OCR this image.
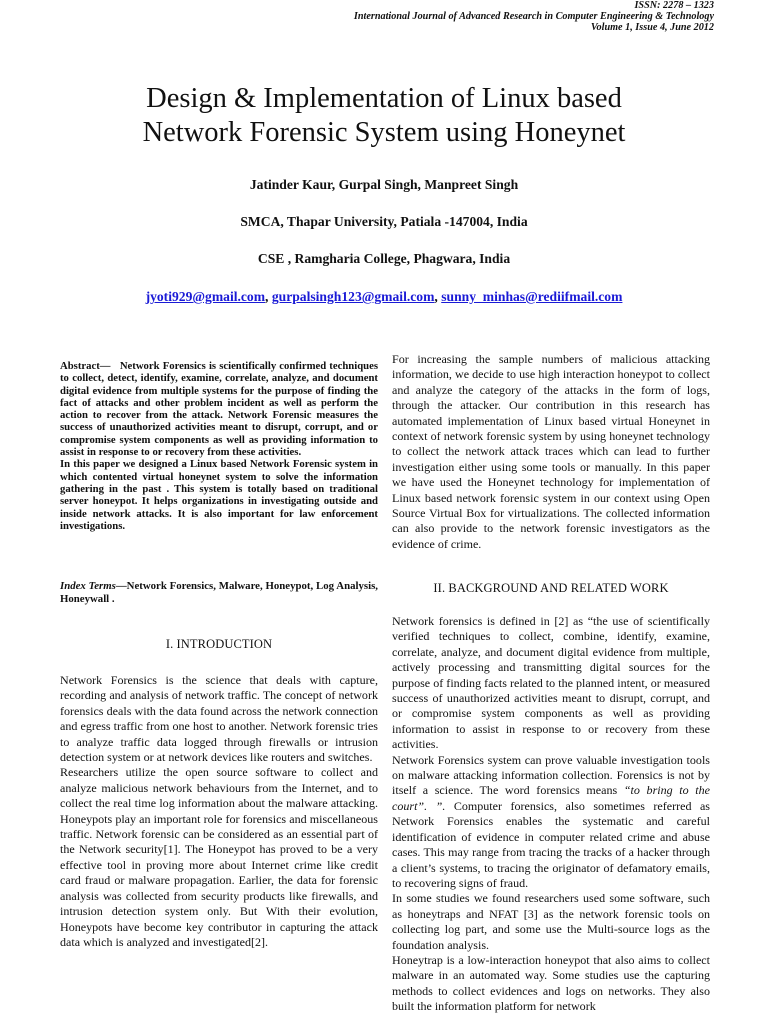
ISSN: 2278 – 1323
International Journal of Advanced Research in Computer Engineering & Technology
Volume 1, Issue 4, June 2012
Design & Implementation of Linux based
Network Forensic System using Honeynet
Jatinder Kaur, Gurpal Singh, Manpreet Singh
SMCA, Thapar University, Patiala -147004, India
CSE , Ramgharia College, Phagwara, India
jyoti929@gmail.com, gurpalsingh123@gmail.com, sunny_minhas@rediifmail.com

Abstract— Network Forensics is scientifically confirmed techniques to collect, detect, identify, examine, correlate, analyze, and document digital evidence from multiple systems for the purpose of finding the fact of attacks and other problem incident as well as perform the action to recover from the attack. Network Forensic measures the success of unauthorized activities meant to disrupt, corrupt, and or compromise system components as well as providing information to assist in response to or recovery from these activities.

In this paper we designed a Linux based Network Forensic system in which contented virtual honeynet system to solve the information gathering in the past . This system is totally based on traditional server honeypot. It helps organizations in investigating outside and inside network attacks. It is also important for law enforcement investigations.

Index Terms—Network Forensics, Malware, Honeypot, Log Analysis, Honeywall .
I. INTRODUCTION

Network Forensics is the science that deals with capture, recording and analysis of network traffic. The concept of network forensics deals with the data found across the network connection and egress traffic from one host to another. Network forensic tries to analyze traffic data logged through firewalls or intrusion detection system or at network devices like routers and switches.

Researchers utilize the open source software to collect and analyze malicious network behaviours from the Internet, and to collect the real time log information about the malware attacking. Honeypots play an important role for forensics and miscellaneous traffic. Network forensic can be considered as an essential part of the Network security[1]. The Honeypot has proved to be a very effective tool in proving more about Internet crime like credit card fraud or malware propagation. Earlier, the data for forensic analysis was collected from security products like firewalls, and intrusion detection system only. But With their evolution, Honeypots have become key contributor in capturing the attack data which is analyzed and investigated[2].

For increasing the sample numbers of malicious attacking information, we decide to use high interaction honeypot to collect and analyze the category of the attacks in the form of logs, through the attacker. Our contribution in this research has automated implementation of Linux based virtual Honeynet in context of network forensic system by using honeynet technology to collect the network attack traces which can lead to further investigation either using some tools or manually. In this paper we have used the Honeynet technology for implementation of Linux based network forensic system in our context using Open Source Virtual Box for virtualizations. The collected information can also provide to the network forensic investigators as the evidence of crime.

II. BACKGROUND AND RELATED WORK

Network forensics is defined in [2] as “the use of scientifically verified techniques to collect, combine, identify, examine, correlate, analyze, and document digital evidence from multiple, actively processing and transmitting digital sources for the purpose of finding facts related to the planned intent, or measured success of unauthorized activities meant to disrupt, corrupt, and or compromise system components as well as providing information to assist in response to or recovery from these activities.

Network Forensics system can prove valuable investigation tools on malware attacking information collection. Forensics is not by itself a science. The word forensics means “to bring to the court”. ”. Computer forensics, also sometimes referred as Network Forensics enables the systematic and careful identification of evidence in computer related crime and abuse cases. This may range from tracing the tracks of a hacker through a client’s systems, to tracing the originator of defamatory emails, to recovering signs of fraud.

In some studies we found researchers used some software, such as honeytraps and NFAT [3] as the network forensic tools on collecting log part, and some use the Multi-source logs as the foundation analysis.

Honeytrap is a low-interaction honeypot that also aims to collect malware in an automated way. Some studies use the capturing methods to collect evidences and logs on networks. They also built the information platform for network
